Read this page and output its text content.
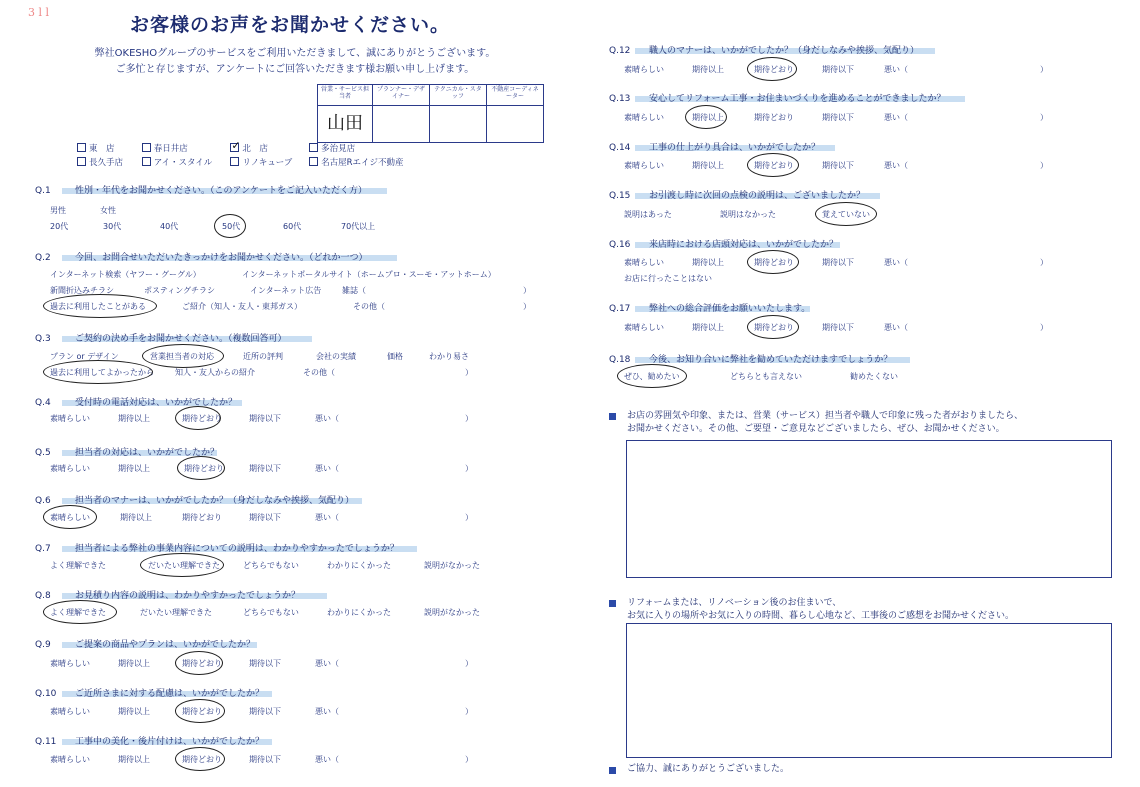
3 l l
お客様のお声をお聞かせください。
弊社OKESHOグループのサービスをご利用いただきまして、誠にありがとうございます。
ご多忙と存じますが、アンケートにご回答いただきます様お願い申し上げます。
営業・サービス担当者	プランナー・デザイナー	テクニカル・スタッフ	不動産コーディネーター
山田			
東　店	春日井店	✓ 北　店	多治見店
長久手店	アイ・スタイル	リノキューブ	名古屋Rエイジ不動産
Q.1	性別・年代をお聞かせください。（このアンケートをご記入いただく方）
男性	女性
20代	30代	40代	50代	60代	70代以上
Q.2	今回、お問合せいただいたきっかけをお聞かせください。（どれか一つ）
インターネット検索（ヤフー・グーグル）	インターネットポータルサイト（ホームプロ・スーモ・アットホーム）
新聞折込みチラシ	ポスティングチラシ	インターネット広告	雑誌（	）
過去に利用したことがある	ご紹介（知人・友人・東邦ガス）	その他（	）
Q.3	ご契約の決め手をお聞かせください。（複数回答可）
プラン or デザイン	営業担当者の対応	近所の評判	会社の実績	価格	わかり易さ
過去に利用してよかったから	知人・友人からの紹介	その他（	）
Q.4	受付時の電話対応は、いかがでしたか？
素晴らしい	期待以上	期待どおり	期待以下	悪い（	）
Q.5	担当者の対応は、いかがでしたか？
素晴らしい	期待以上	期待どおり	期待以下	悪い（	）
Q.6	担当者のマナーは、いかがでしたか？（身だしなみや挨拶、気配り）
素晴らしい	期待以上	期待どおり	期待以下	悪い（	）
Q.7	担当者による弊社の事業内容についての説明は、わかりやすかったでしょうか？
よく理解できた	だいたい理解できた	どちらでもない	わかりにくかった	説明がなかった
Q.8	お見積り内容の説明は、わかりやすかったでしょうか？
よく理解できた	だいたい理解できた	どちらでもない	わかりにくかった	説明がなかった
Q.9	ご提案の商品やプランは、いかがでしたか？
素晴らしい	期待以上	期待どおり	期待以下	悪い（	）
Q.10 ご近所さまに対する配慮は、いかがでしたか？
素晴らしい	期待以上	期待どおり	期待以下	悪い（	）
Q.11 工事中の美化・後片付けは、いかがでしたか？
素晴らしい	期待以上	期待どおり	期待以下	悪い（	）
Q.12 職人のマナーは、いかがでしたか？（身だしなみや挨拶、気配り）
素晴らしい	期待以上	期待どおり	期待以下	悪い（	）
Q.13 安心してリフォーム工事・お住まいづくりを進めることができましたか？
素晴らしい	期待以上	期待どおり	期待以下	悪い（	）
Q.14 工事の仕上がり具合は、いかがでしたか？
素晴らしい	期待以上	期待どおり	期待以下	悪い（	）
Q.15 お引渡し時に次回の点検の説明は、ございましたか？
説明はあった	説明はなかった	覚えていない
Q.16 来店時における店頭対応は、いかがでしたか？
素晴らしい	期待以上	期待どおり	期待以下	悪い（	）
お店に行ったことはない
Q.17 弊社への総合評価をお願いいたします。
素晴らしい	期待以上	期待どおり	期待以下	悪い（	）
Q.18 今後、お知り合いに弊社を勧めていただけますでしょうか？
ぜひ、勧めたい	どちらとも言えない	勧めたくない
お店の雰囲気や印象、または、営業（サービス）担当者や職人で印象に残った者がおりましたら、
お聞かせください。その他、ご要望・ご意見などございましたら、ぜひ、お聞かせください。
リフォームまたは、リノベーション後のお住まいで、
お気に入りの場所やお気に入りの時間、暮らし心地など、工事後のご感想をお聞かせください。
ご協力、誠にありがとうございました。
